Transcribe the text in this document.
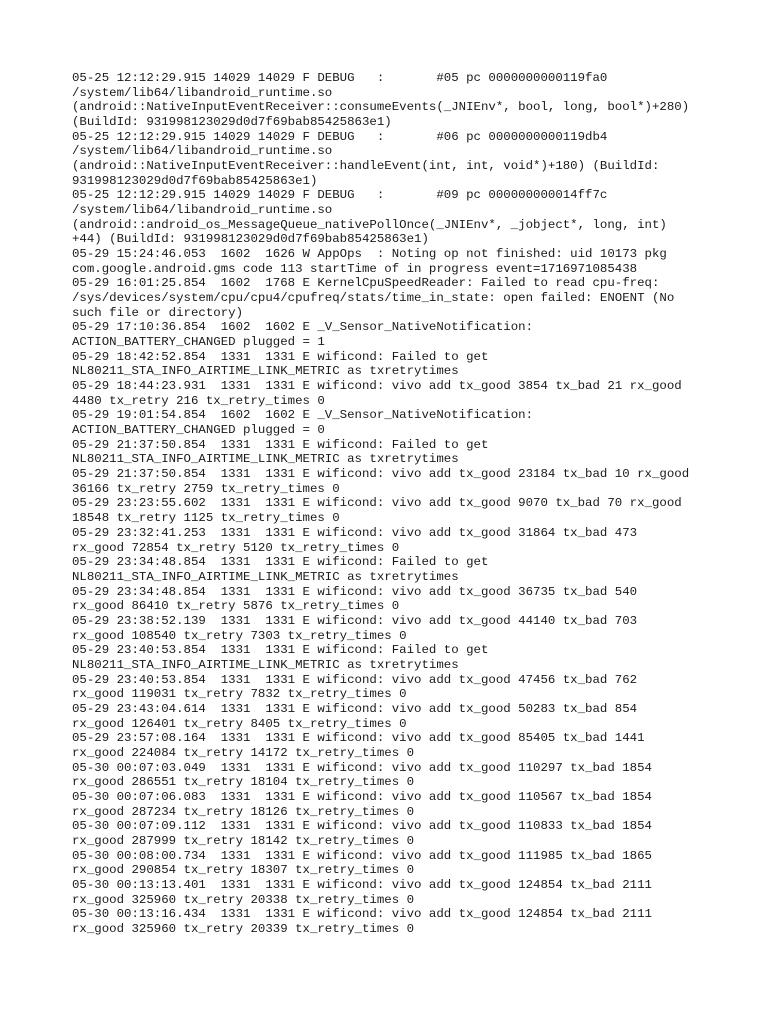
05-25 12:12:29.915 14029 14029 F DEBUG   :       #05 pc 0000000000119fa0
/system/lib64/libandroid_runtime.so
(android::NativeInputEventReceiver::consumeEvents(_JNIEnv*, bool, long, bool*)+280)
(BuildId: 931998123029d0d7f69bab85425863e1)
05-25 12:12:29.915 14029 14029 F DEBUG   :       #06 pc 0000000000119db4
/system/lib64/libandroid_runtime.so
(android::NativeInputEventReceiver::handleEvent(int, int, void*)+180) (BuildId:
931998123029d0d7f69bab85425863e1)
05-25 12:12:29.915 14029 14029 F DEBUG   :       #09 pc 000000000014ff7c
/system/lib64/libandroid_runtime.so
(android::android_os_MessageQueue_nativePollOnce(_JNIEnv*, _jobject*, long, int)
+44) (BuildId: 931998123029d0d7f69bab85425863e1)
05-29 15:24:46.053  1602  1626 W AppOps  : Noting op not finished: uid 10173 pkg
com.google.android.gms code 113 startTime of in progress event=1716971085438
05-29 16:01:25.854  1602  1768 E KernelCpuSpeedReader: Failed to read cpu-freq:
/sys/devices/system/cpu/cpu4/cpufreq/stats/time_in_state: open failed: ENOENT (No
such file or directory)
05-29 17:10:36.854  1602  1602 E _V_Sensor_NativeNotification:
ACTION_BATTERY_CHANGED plugged = 1
05-29 18:42:52.854  1331  1331 E wificond: Failed to get
NL80211_STA_INFO_AIRTIME_LINK_METRIC as txretrytimes
05-29 18:44:23.931  1331  1331 E wificond: vivo add tx_good 3854 tx_bad 21 rx_good
4480 tx_retry 216 tx_retry_times 0
05-29 19:01:54.854  1602  1602 E _V_Sensor_NativeNotification:
ACTION_BATTERY_CHANGED plugged = 0
05-29 21:37:50.854  1331  1331 E wificond: Failed to get
NL80211_STA_INFO_AIRTIME_LINK_METRIC as txretrytimes
05-29 21:37:50.854  1331  1331 E wificond: vivo add tx_good 23184 tx_bad 10 rx_good
36166 tx_retry 2759 tx_retry_times 0
05-29 23:23:55.602  1331  1331 E wificond: vivo add tx_good 9070 tx_bad 70 rx_good
18548 tx_retry 1125 tx_retry_times 0
05-29 23:32:41.253  1331  1331 E wificond: vivo add tx_good 31864 tx_bad 473
rx_good 72854 tx_retry 5120 tx_retry_times 0
05-29 23:34:48.854  1331  1331 E wificond: Failed to get
NL80211_STA_INFO_AIRTIME_LINK_METRIC as txretrytimes
05-29 23:34:48.854  1331  1331 E wificond: vivo add tx_good 36735 tx_bad 540
rx_good 86410 tx_retry 5876 tx_retry_times 0
05-29 23:38:52.139  1331  1331 E wificond: vivo add tx_good 44140 tx_bad 703
rx_good 108540 tx_retry 7303 tx_retry_times 0
05-29 23:40:53.854  1331  1331 E wificond: Failed to get
NL80211_STA_INFO_AIRTIME_LINK_METRIC as txretrytimes
05-29 23:40:53.854  1331  1331 E wificond: vivo add tx_good 47456 tx_bad 762
rx_good 119031 tx_retry 7832 tx_retry_times 0
05-29 23:43:04.614  1331  1331 E wificond: vivo add tx_good 50283 tx_bad 854
rx_good 126401 tx_retry 8405 tx_retry_times 0
05-29 23:57:08.164  1331  1331 E wificond: vivo add tx_good 85405 tx_bad 1441
rx_good 224084 tx_retry 14172 tx_retry_times 0
05-30 00:07:03.049  1331  1331 E wificond: vivo add tx_good 110297 tx_bad 1854
rx_good 286551 tx_retry 18104 tx_retry_times 0
05-30 00:07:06.083  1331  1331 E wificond: vivo add tx_good 110567 tx_bad 1854
rx_good 287234 tx_retry 18126 tx_retry_times 0
05-30 00:07:09.112  1331  1331 E wificond: vivo add tx_good 110833 tx_bad 1854
rx_good 287999 tx_retry 18142 tx_retry_times 0
05-30 00:08:00.734  1331  1331 E wificond: vivo add tx_good 111985 tx_bad 1865
rx_good 290854 tx_retry 18307 tx_retry_times 0
05-30 00:13:13.401  1331  1331 E wificond: vivo add tx_good 124854 tx_bad 2111
rx_good 325960 tx_retry 20338 tx_retry_times 0
05-30 00:13:16.434  1331  1331 E wificond: vivo add tx_good 124854 tx_bad 2111
rx_good 325960 tx_retry 20339 tx_retry_times 0
